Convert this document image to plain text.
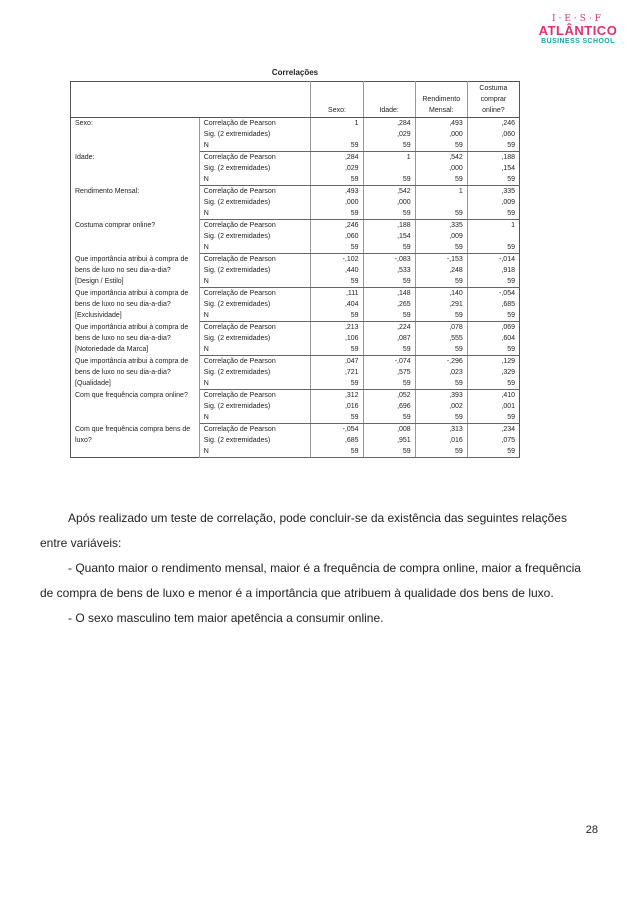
I·E·S·F
ATLÂNTICO
BUSINESS SCHOOL
Correlações
		Sexo:	Idade:	Rendimento Mensal:	Costuma comprar online?
Sexo:	Correlação de Pearson	1	,284	,493	,246
	Sig. (2 extremidades)		,029	,000	,060
	N	59	59	59	59
Idade:	Correlação de Pearson	,284	1	,542	,188
	Sig. (2 extremidades)	,029		,000	,154
	N	59	59	59	59
Rendimento Mensal:	Correlação de Pearson	,493	,542	1	,335
	Sig. (2 extremidades)	,000	,000		,009
	N	59	59	59	59
Costuma comprar online?	Correlação de Pearson	,246	,188	,335	1
	Sig. (2 extremidades)	,060	,154	,009	
	N	59	59	59	59
Que importância atribui à compra de bens de luxo no seu dia-a-dia? [Design / Estilo]	Correlação de Pearson	-,102	-,083	-,153	-,014
	Sig. (2 extremidades)	,440	,533	,248	,918
	N	59	59	59	59
Que importância atribui à compra de bens de luxo no seu dia-a-dia? [Exclusividade]	Correlação de Pearson	,111	,148	,140	-,054
	Sig. (2 extremidades)	,404	,265	,291	,685
	N	59	59	59	59
Que importância atribui à compra de bens de luxo no seu dia-a-dia? [Notoriedade da Marca]	Correlação de Pearson	,213	,224	,078	,069
	Sig. (2 extremidades)	,106	,087	,555	,604
	N	59	59	59	59
Que importância atribui à compra de bens de luxo no seu dia-a-dia? [Qualidade]	Correlação de Pearson	,047	-,074	-,296	,129
	Sig. (2 extremidades)	,721	,575	,023	,329
	N	59	59	59	59
Com que frequência compra online?	Correlação de Pearson	,312	,052	,393	,410
	Sig. (2 extremidades)	,016	,696	,002	,001
	N	59	59	59	59
Com que frequência compra bens de luxo?	Correlação de Pearson	-,054	,008	,313	,234
	Sig. (2 extremidades)	,685	,951	,016	,075
	N	59	59	59	59

Após realizado um teste de correlação, pode concluir-se da existência das seguintes relações entre variáveis:

- Quanto maior o rendimento mensal, maior é a frequência de compra online, maior a frequência de compra de bens de luxo e menor é a importância que atribuem à qualidade dos bens de luxo.

- O sexo masculino tem maior apetência a consumir online.

28
